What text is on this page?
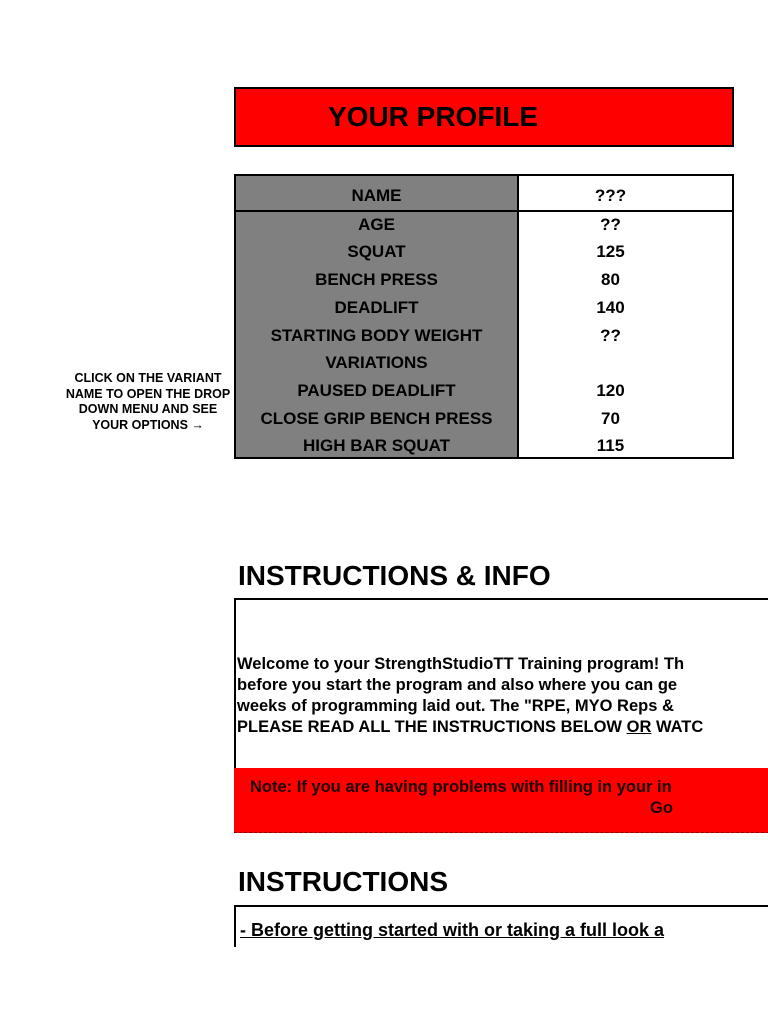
YOUR PROFILE
NAME	???
AGE	??
SQUAT	125
BENCH PRESS	80
DEADLIFT	140
STARTING BODY WEIGHT	??
VARIATIONS
PAUSED DEADLIFT	120
CLOSE GRIP BENCH PRESS	70
HIGH BAR SQUAT	115
CLICK ON THE VARIANT
NAME TO OPEN THE DROP
DOWN MENU AND SEE
YOUR OPTIONS →
INSTRUCTIONS & INFO
Welcome to your StrengthStudioTT Training program! Th
before you start the program and also where you can ge
weeks of programming laid out. The "RPE, MYO Reps &
PLEASE READ ALL THE INSTRUCTIONS BELOW OR WATC
Note: If you are having problems with filling in your in
Go
INSTRUCTIONS
- Before getting started with or taking a full look a
